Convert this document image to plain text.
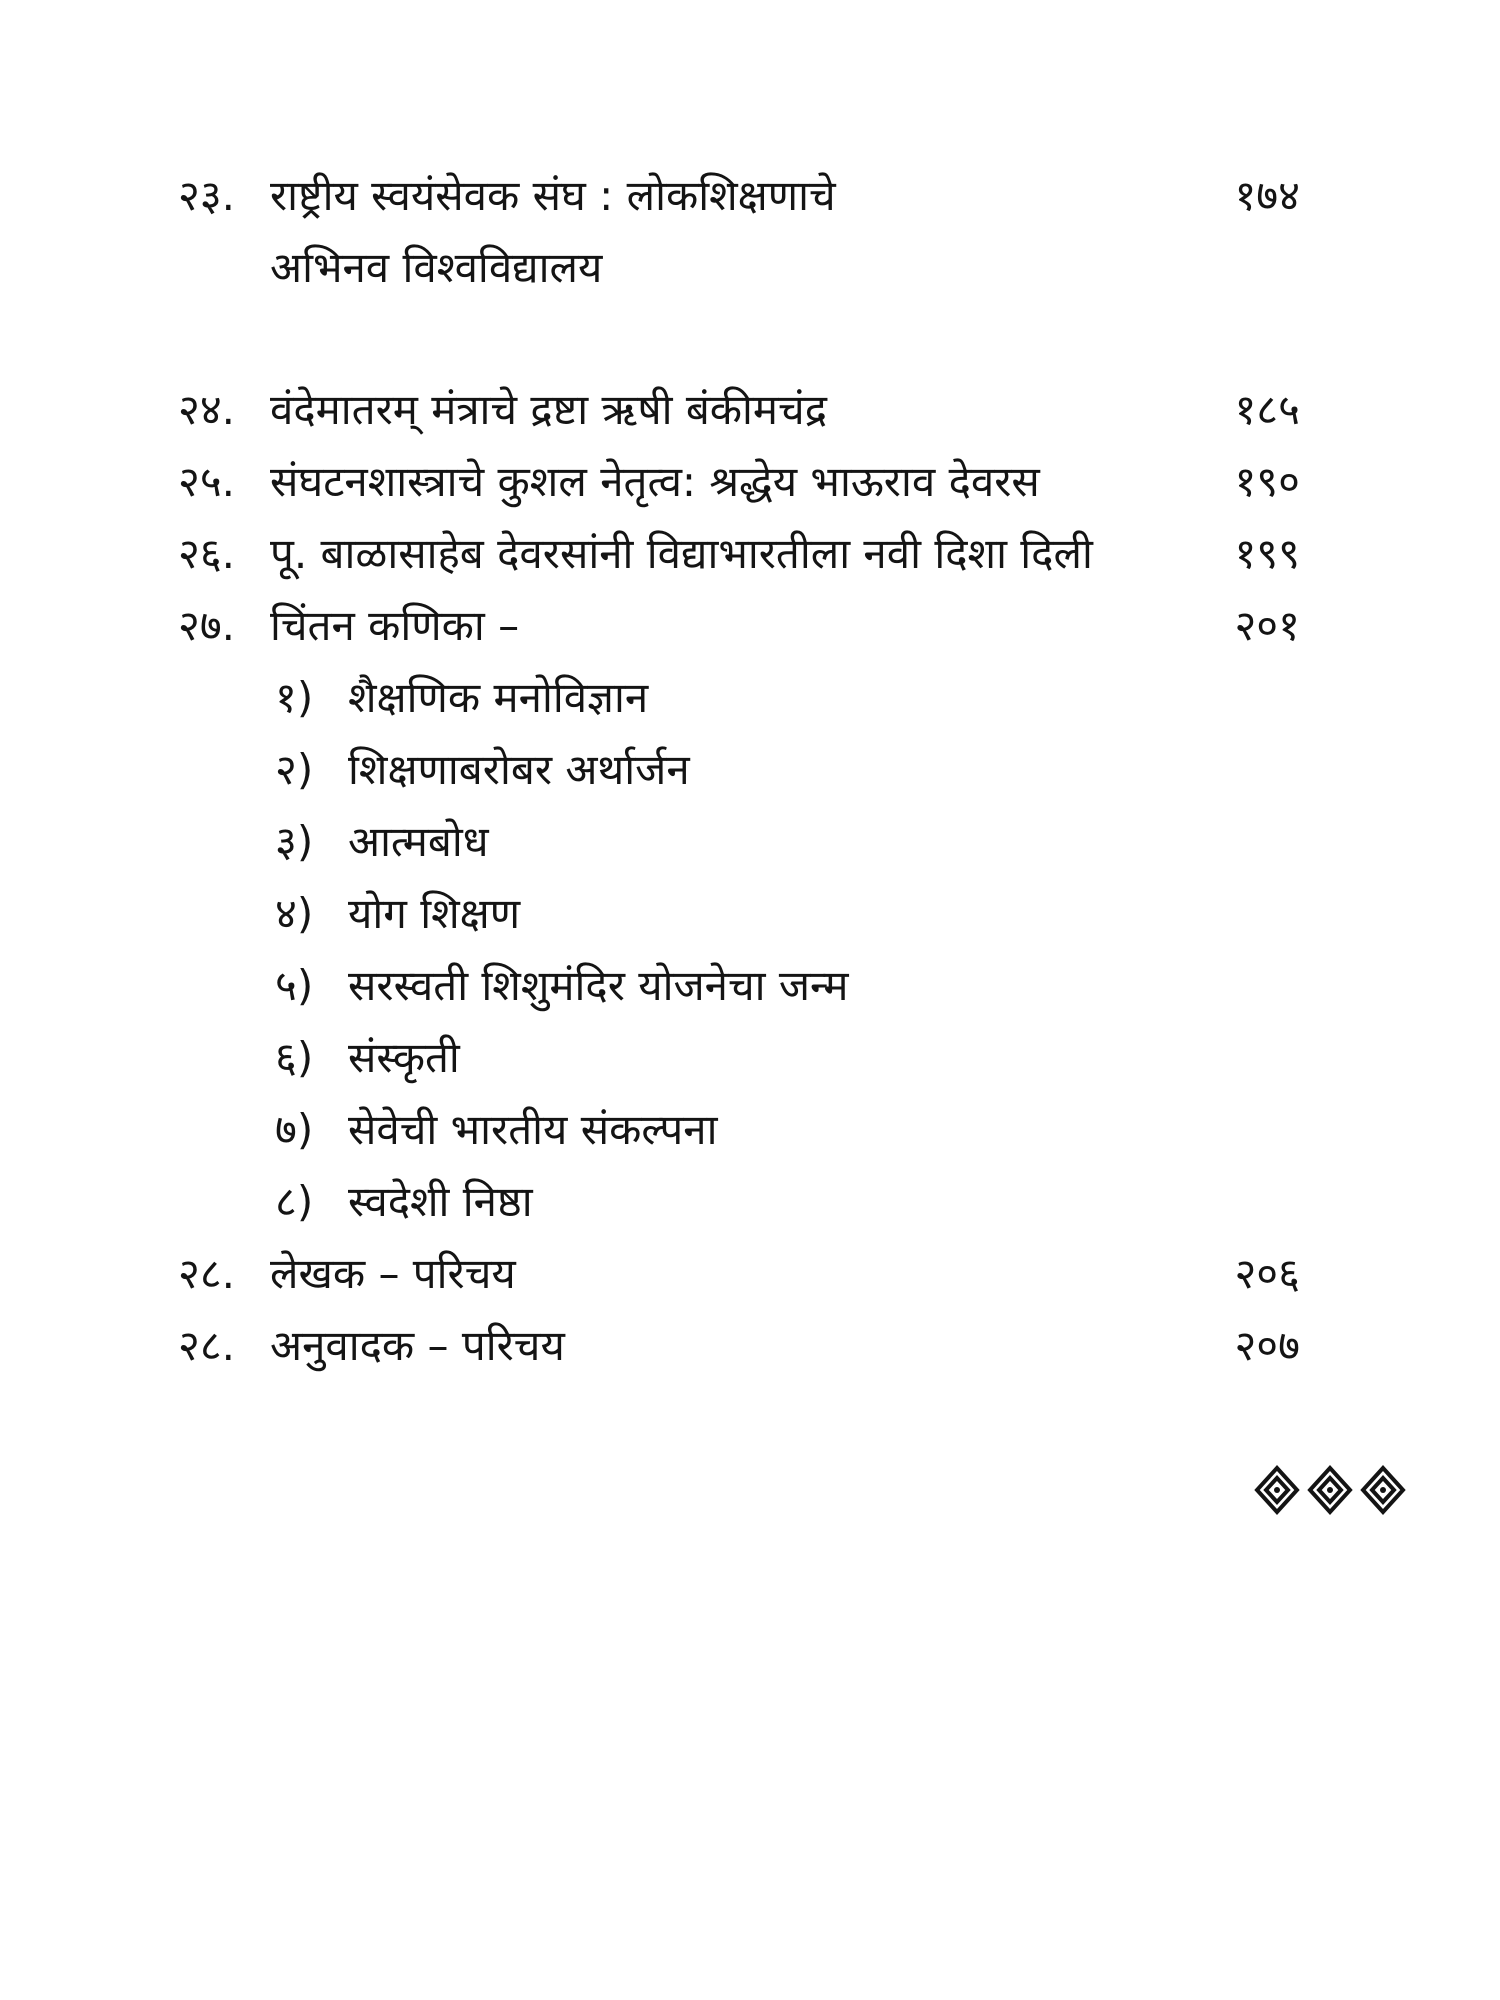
२३. राष्ट्रीय स्वयंसेवक संघ : लोकशिक्षणाचे	१७४
अभिनव विश्वविद्यालय
२४. वंदेमातरम् मंत्राचे द्रष्टा ऋषी बंकीमचंद्र	१८५
२५. संघटनशास्त्राचे कुशल नेतृत्व: श्रद्धेय भाऊराव देवरस	१९०
२६. पू. बाळासाहेब देवरसांनी विद्याभारतीला नवी दिशा दिली	१९९
२७. चिंतन कणिका –	२०१
१) शैक्षणिक मनोविज्ञान
२) शिक्षणाबरोबर अर्थार्जन
३) आत्मबोध
४) योग शिक्षण
५) सरस्वती शिशुमंदिर योजनेचा जन्म
६) संस्कृती
७) सेवेची भारतीय संकल्पना
८) स्वदेशी निष्ठा
२८. लेखक – परिचय	२०६
२८. अनुवादक – परिचय	२०७
